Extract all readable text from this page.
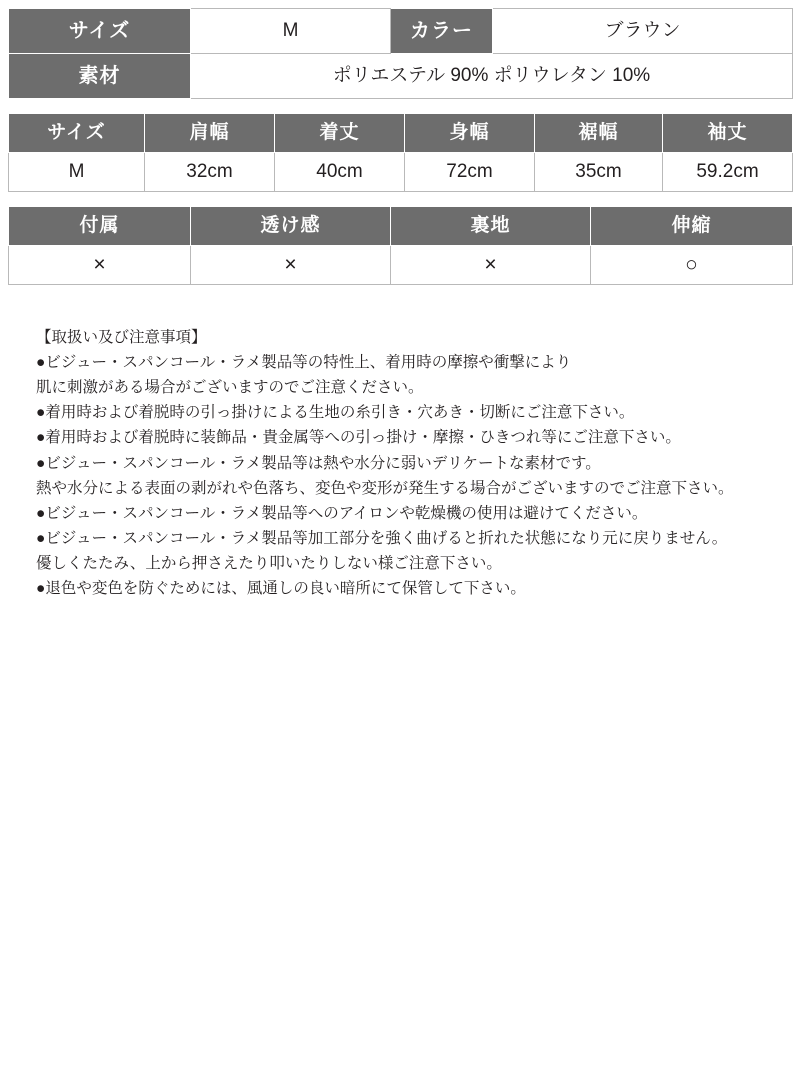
サイズ	M	カラー	ブラウン
素材	ポリエステル 90% ポリウレタン 10%		
サイズ	肩幅	着丈	身幅	裾幅	袖丈
M	32cm	40cm	72cm	35cm	59.2cm
付属	透け感	裏地	伸縮
×	×	×	○
【取扱い及び注意事項】
●ビジュー・スパンコール・ラメ製品等の特性上、着用時の摩擦や衝撃により
肌に刺激がある場合がございますのでご注意ください。
●着用時および着脱時の引っ掛けによる生地の糸引き・穴あき・切断にご注意下さい。
●着用時および着脱時に装飾品・貴金属等への引っ掛け・摩擦・ひきつれ等にご注意下さい。
●ビジュー・スパンコール・ラメ製品等は熱や水分に弱いデリケートな素材です。
熱や水分による表面の剥がれや色落ち、変色や変形が発生する場合がございますのでご注意下さい。
●ビジュー・スパンコール・ラメ製品等へのアイロンや乾燥機の使用は避けてください。
●ビジュー・スパンコール・ラメ製品等加工部分を強く曲げると折れた状態になり元に戻りません。
優しくたたみ、上から押さえたり叩いたりしない様ご注意下さい。
●退色や変色を防ぐためには、風通しの良い暗所にて保管して下さい。
